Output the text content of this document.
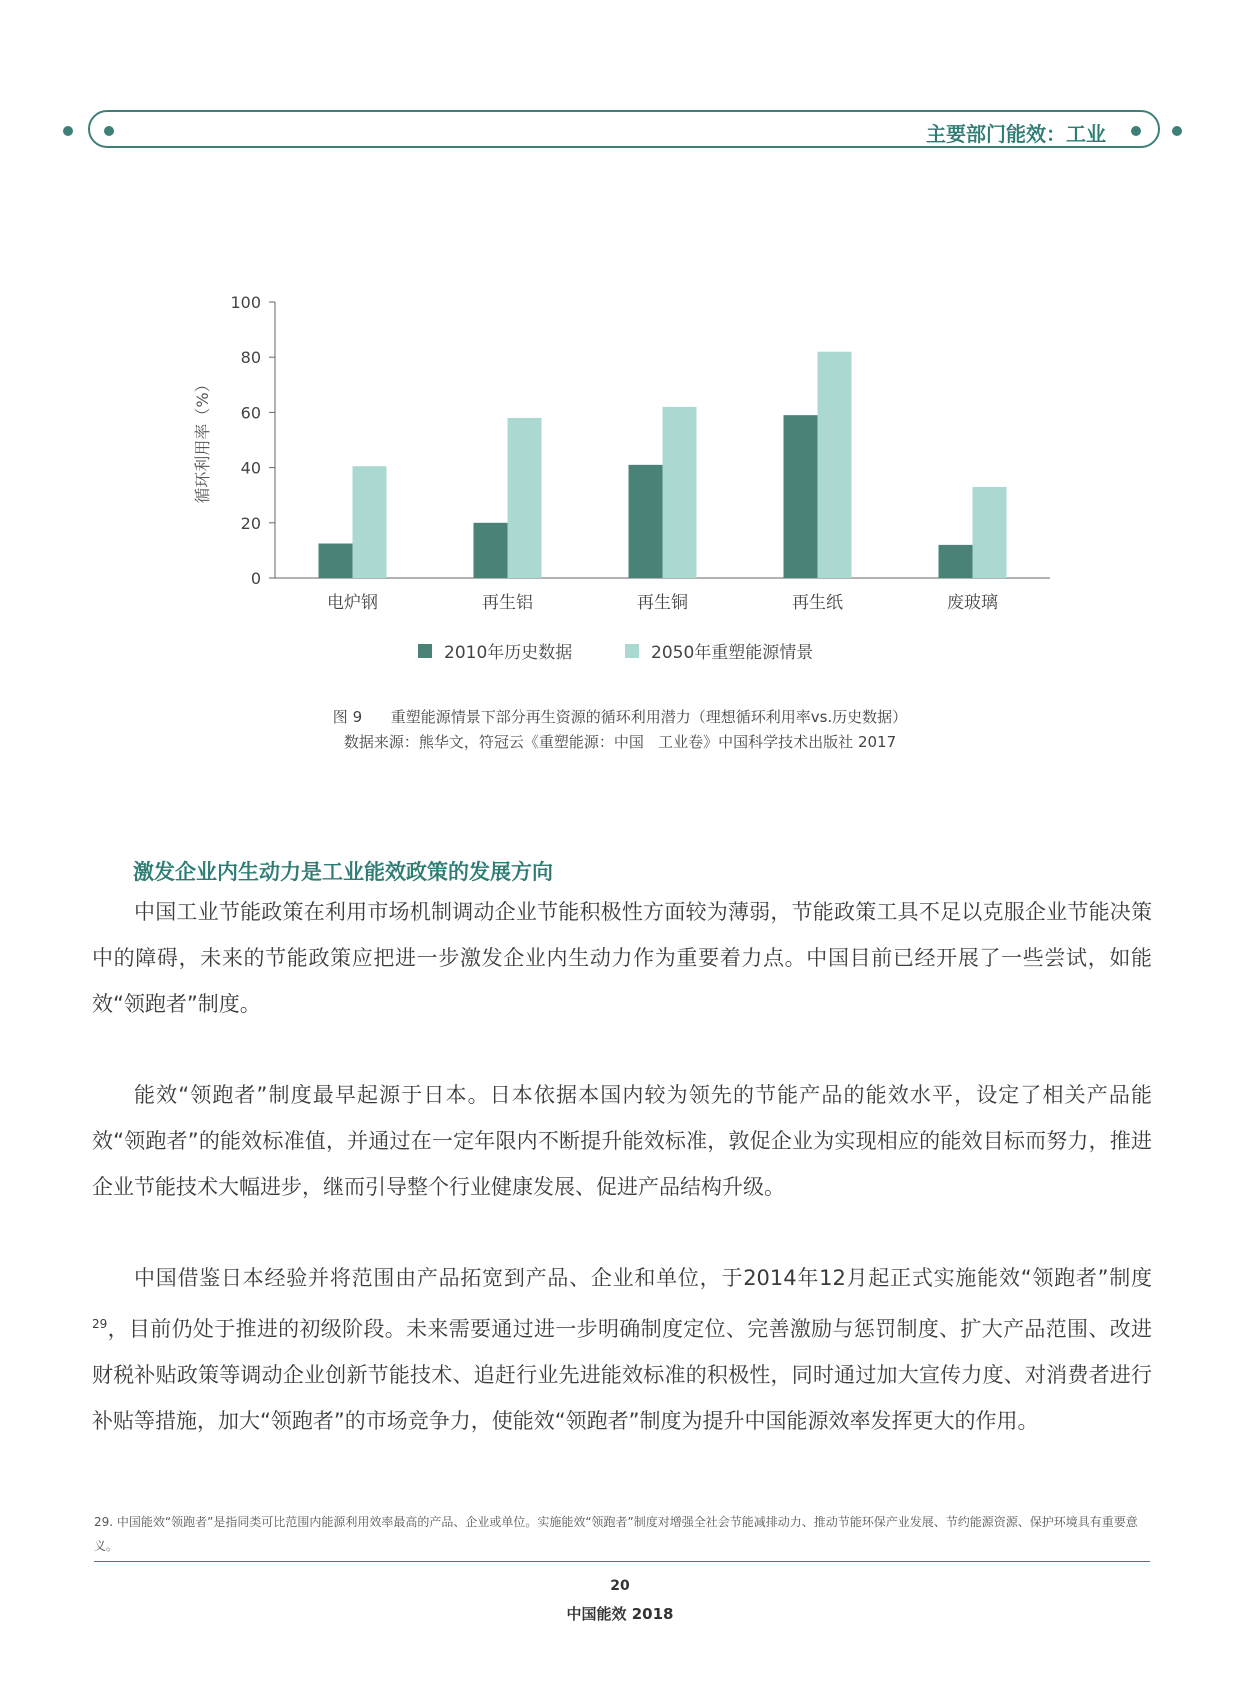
主要部门能效：工业
0
20
40
60
80
100
循环利用率（%）
电炉钢	再生铝	再生铜	再生纸	废玻璃
2010年历史数据	2050年重塑能源情景
图 9      重塑能源情景下部分再生资源的循环利用潜力（理想循环利用率vs.历史数据）
数据来源：熊华文，符冠云《重塑能源：中国   工业卷》中国科学技术出版社 2017
激发企业内生动力是工业能效政策的发展方向

中国工业节能政策在利用市场机制调动企业节能积极性方面较为薄弱，节能政策工具不足以克服企业节能决策中的障碍，未来的节能政策应把进一步激发企业内生动力作为重要着力点。中国目前已经开展了一些尝试，如能效“领跑者”制度。

能效“领跑者”制度最早起源于日本。日本依据本国内较为领先的节能产品的能效水平，设定了相关产品能效“领跑者”的能效标准值，并通过在一定年限内不断提升能效标准，敦促企业为实现相应的能效目标而努力，推进企业节能技术大幅进步，继而引导整个行业健康发展、促进产品结构升级。

中国借鉴日本经验并将范围由产品拓宽到产品、企业和单位，于2014年12月起正式实施能效“领跑者”制度$^{29}$，目前仍处于推进的初级阶段。未来需要通过进一步明确制度定位、完善激励与惩罚制度、扩大产品范围、改进财税补贴政策等调动企业创新节能技术、追赶行业先进能效标准的积极性，同时通过加大宣传力度、对消费者进行补贴等措施，加大“领跑者”的市场竞争力，使能效“领跑者”制度为提升中国能源效率发挥更大的作用。

29. 中国能效“领跑者”是指同类可比范围内能源利用效率最高的产品、企业或单位。实施能效“领跑者”制度对增强全社会节能减排动力、推动节能环保产业发展、节约能源资源、保护环境具有重要意义。
20
中国能效 2018
